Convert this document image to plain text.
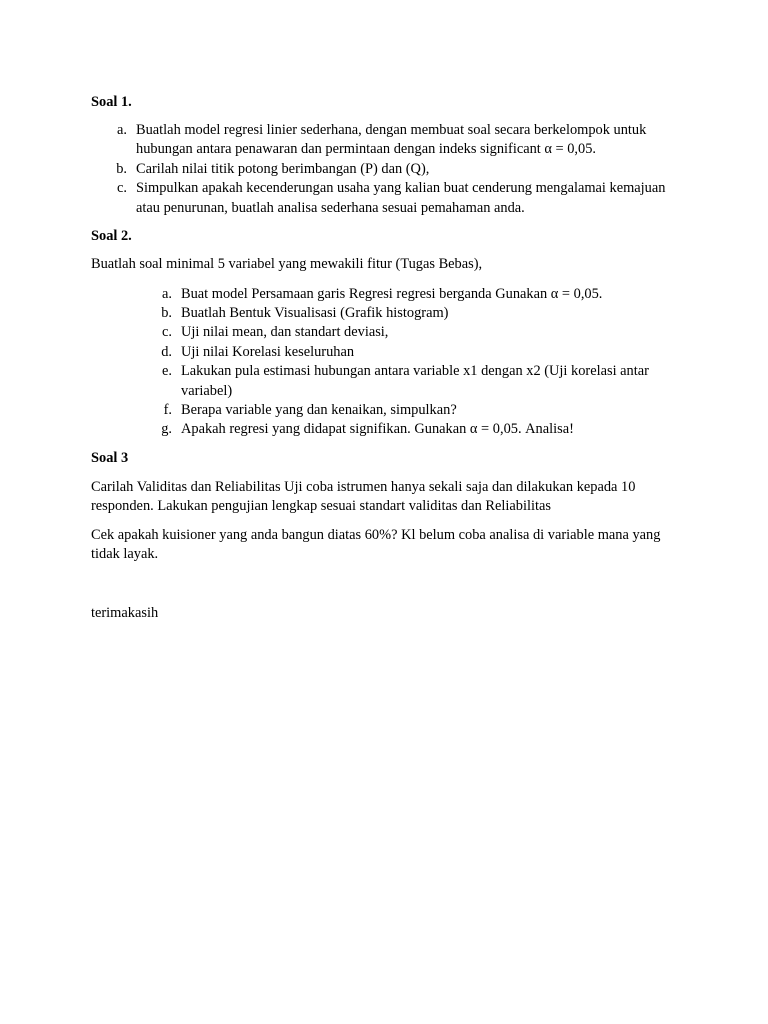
Soal 1.

a. Buatlah model regresi linier sederhana, dengan membuat soal secara berkelompok untuk hubungan antara penawaran dan permintaan dengan indeks significant α = 0,05.
b. Carilah nilai titik potong berimbangan (P) dan (Q),
c. Simpulkan apakah kecenderungan usaha yang kalian buat cenderung mengalamai kemajuan atau penurunan, buatlah analisa sederhana sesuai pemahaman anda.

Soal 2.

Buatlah soal minimal 5 variabel yang mewakili fitur (Tugas Bebas),

a. Buat model Persamaan garis Regresi regresi berganda Gunakan α = 0,05.
b. Buatlah Bentuk Visualisasi (Grafik histogram)
c. Uji nilai mean, dan standart deviasi,
d. Uji nilai Korelasi keseluruhan
e. Lakukan pula estimasi hubungan antara variable x1 dengan x2 (Uji korelasi antar variabel)
f. Berapa variable yang dan kenaikan, simpulkan?
g. Apakah regresi yang didapat signifikan. Gunakan α = 0,05. Analisa!

Soal 3

Carilah Validitas dan Reliabilitas Uji coba istrumen hanya sekali saja dan dilakukan kepada 10 responden. Lakukan pengujian lengkap sesuai standart validitas dan Reliabilitas

Cek apakah kuisioner yang anda bangun diatas 60%? Kl belum coba analisa di variable mana yang tidak layak.

terimakasih
